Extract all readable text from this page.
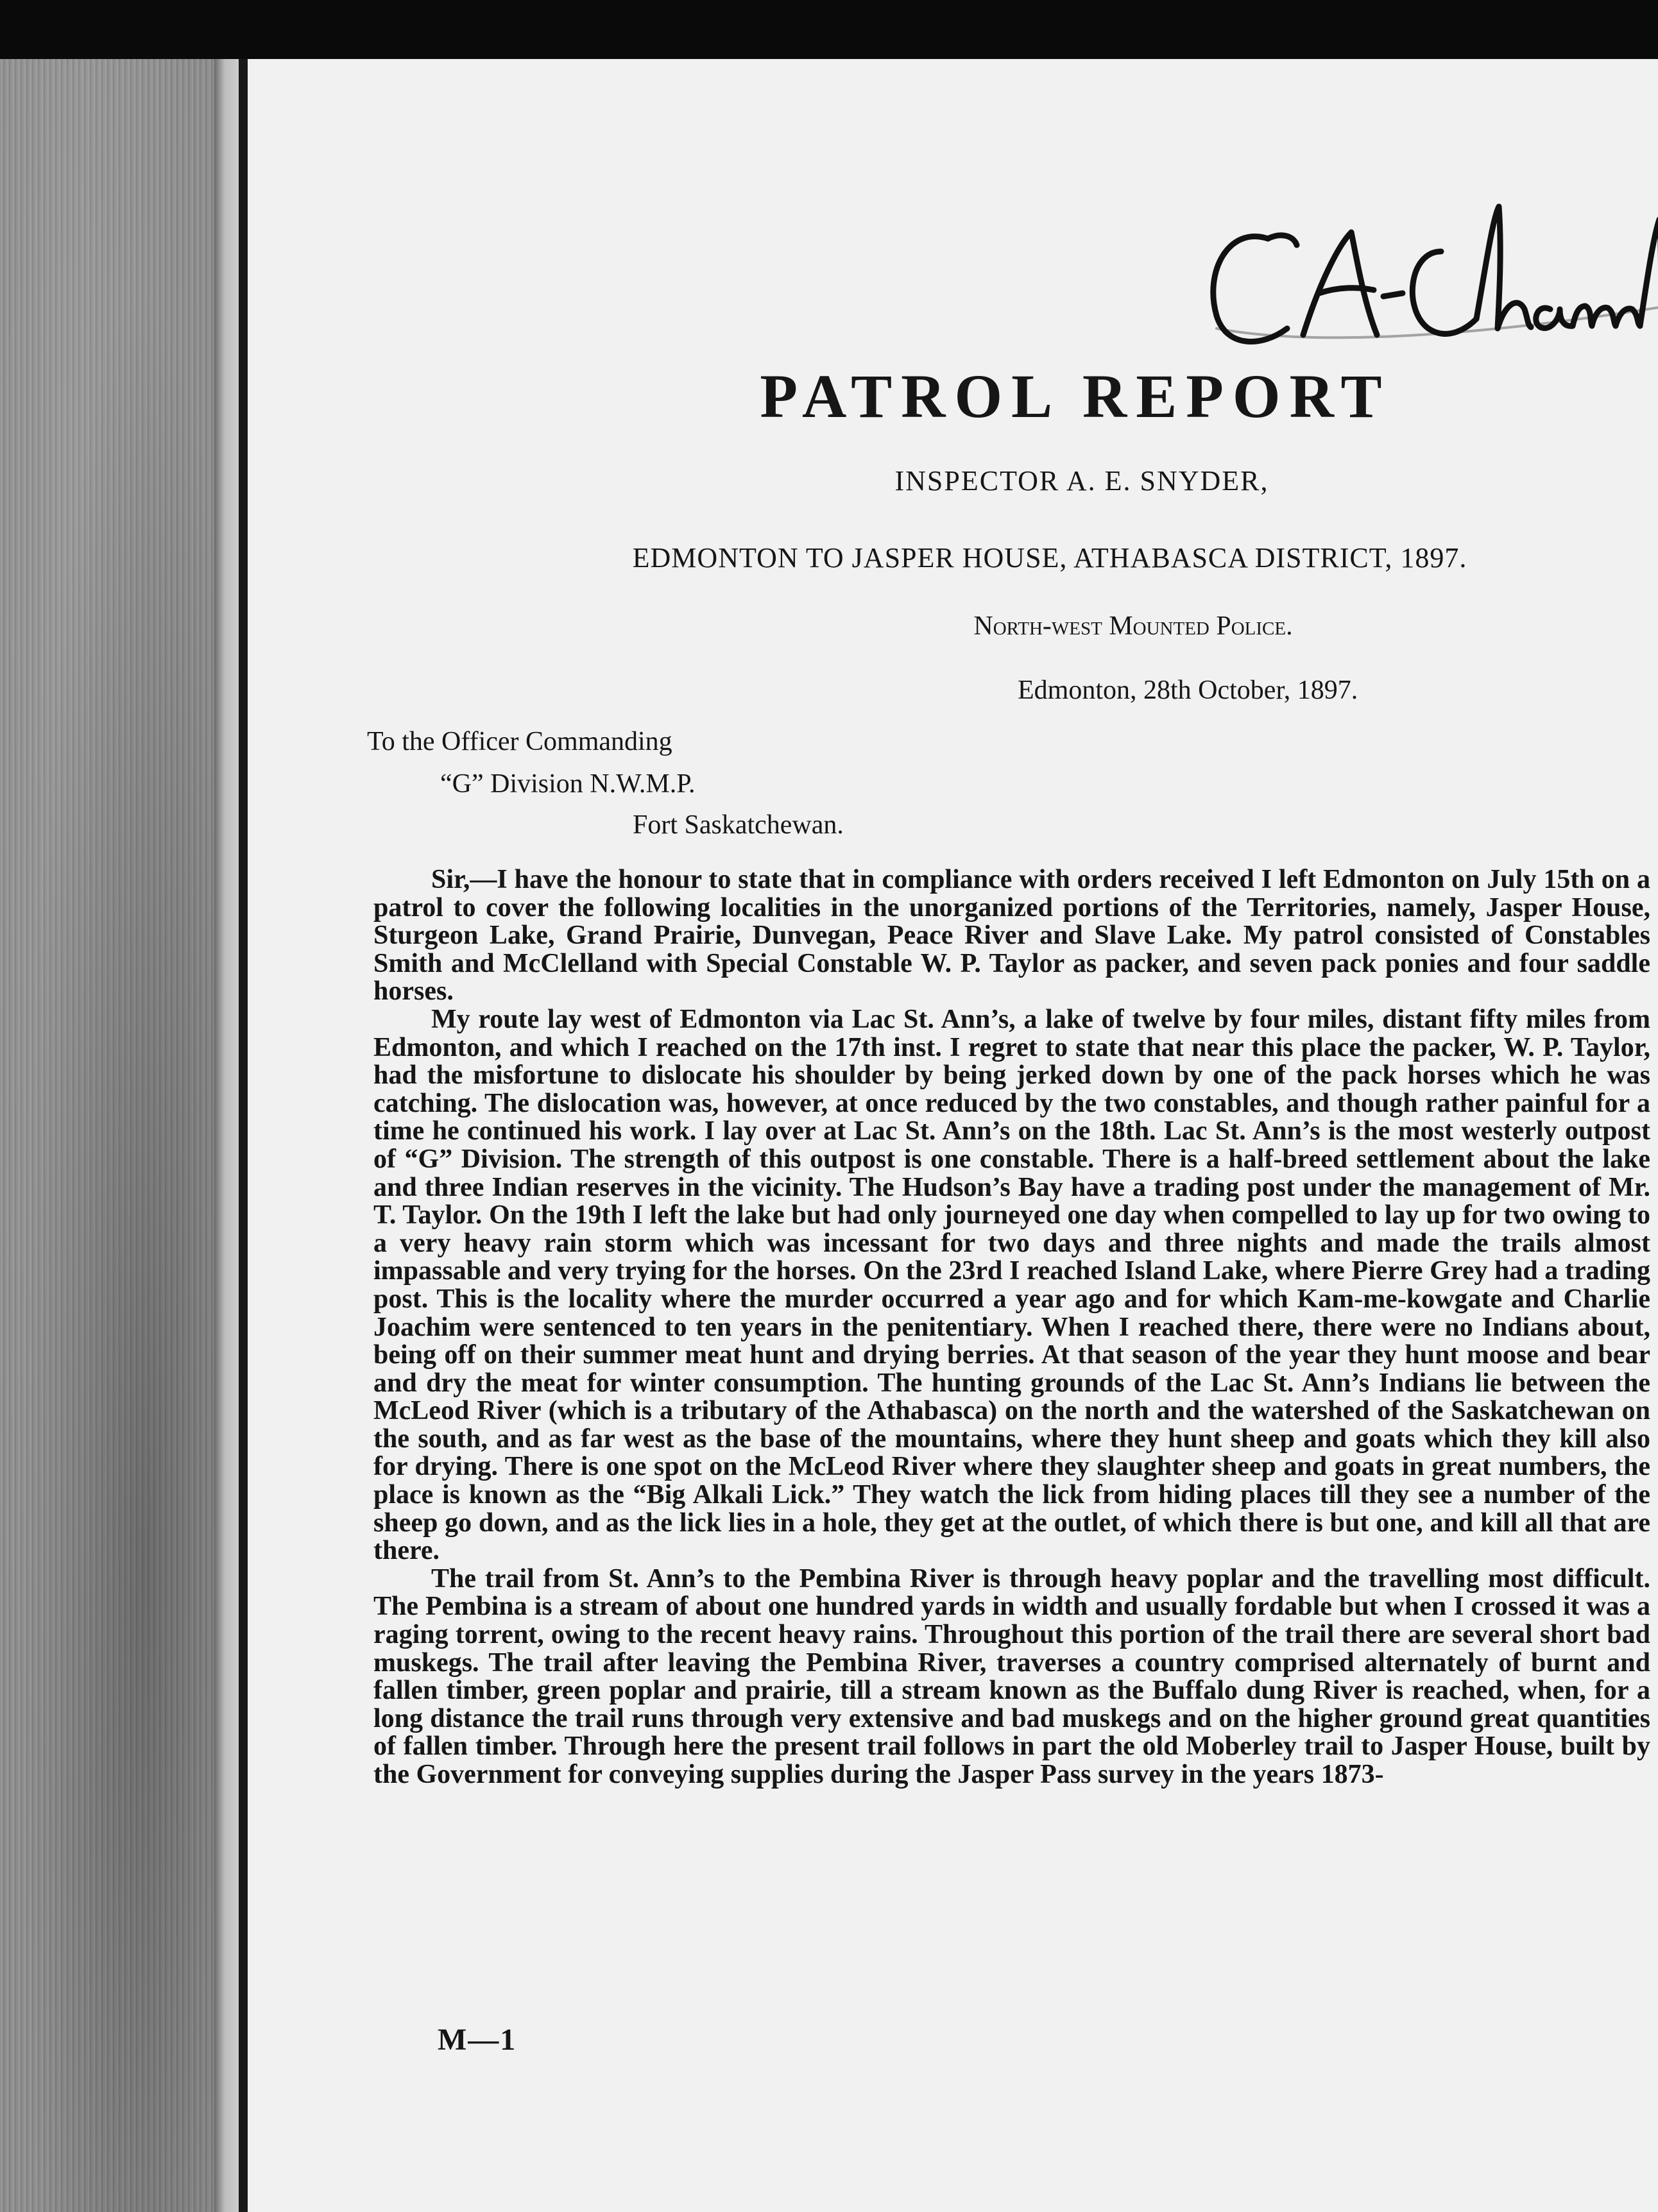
PATROL REPORT
INSPECTOR A. E. SNYDER,
EDMONTON TO JASPER HOUSE, ATHABASCA DISTRICT, 1897.
North-west Mounted Police.
Edmonton, 28th October, 1897.
To the Officer Commanding
“G” Division N.W.M.P.
Fort Saskatchewan.

Sir,—I have the honour to state that in compliance with orders received I left Edmonton on July 15th on a patrol to cover the following localities in the unorganized portions of the Territories, namely, Jasper House, Sturgeon Lake, Grand Prairie, Dunvegan, Peace River and Slave Lake. My patrol consisted of Constables Smith and McClelland with Special Constable W. P. Taylor as packer, and seven pack ponies and four saddle horses.

My route lay west of Edmonton via Lac St. Ann’s, a lake of twelve by four miles, distant fifty miles from Edmonton, and which I reached on the 17th inst. I regret to state that near this place the packer, W. P. Taylor, had the misfortune to dislocate his shoulder by being jerked down by one of the pack horses which he was catching. The dislocation was, however, at once reduced by the two constables, and though rather painful for a time he continued his work. I lay over at Lac St. Ann’s on the 18th. Lac St. Ann’s is the most westerly outpost of “G” Division. The strength of this outpost is one constable. There is a half-breed settlement about the lake and three Indian reserves in the vicinity. The Hudson’s Bay have a trading post under the management of Mr. T. Taylor. On the 19th I left the lake but had only journeyed one day when compelled to lay up for two owing to a very heavy rain storm which was incessant for two days and three nights and made the trails almost impassable and very trying for the horses. On the 23rd I reached Island Lake, where Pierre Grey had a trading post. This is the locality where the murder occurred a year ago and for which Kam-me-kowgate and Charlie Joachim were sentenced to ten years in the penitentiary. When I reached there, there were no Indians about, being off on their summer meat hunt and drying berries. At that season of the year they hunt moose and bear and dry the meat for winter consumption. The hunting grounds of the Lac St. Ann’s Indians lie between the McLeod River (which is a tributary of the Athabasca) on the north and the watershed of the Saskatchewan on the south, and as far west as the base of the mountains, where they hunt sheep and goats which they kill also for drying. There is one spot on the McLeod River where they slaughter sheep and goats in great numbers, the place is known as the “Big Alkali Lick.” They watch the lick from hiding places till they see a number of the sheep go down, and as the lick lies in a hole, they get at the outlet, of which there is but one, and kill all that are there.

The trail from St. Ann’s to the Pembina River is through heavy poplar and the travelling most difficult. The Pembina is a stream of about one hundred yards in width and usually fordable but when I crossed it was a raging torrent, owing to the recent heavy rains. Throughout this portion of the trail there are several short bad muskegs. The trail after leaving the Pembina River, traverses a country comprised alternately of burnt and fallen timber, green poplar and prairie, till a stream known as the Buffalo dung River is reached, when, for a long distance the trail runs through very extensive and bad muskegs and on the higher ground great quantities of fallen timber. Through here the present trail follows in part the old Moberley trail to Jasper House, built by the Government for conveying supplies during the Jasper Pass survey in the years 1873-

M—1
